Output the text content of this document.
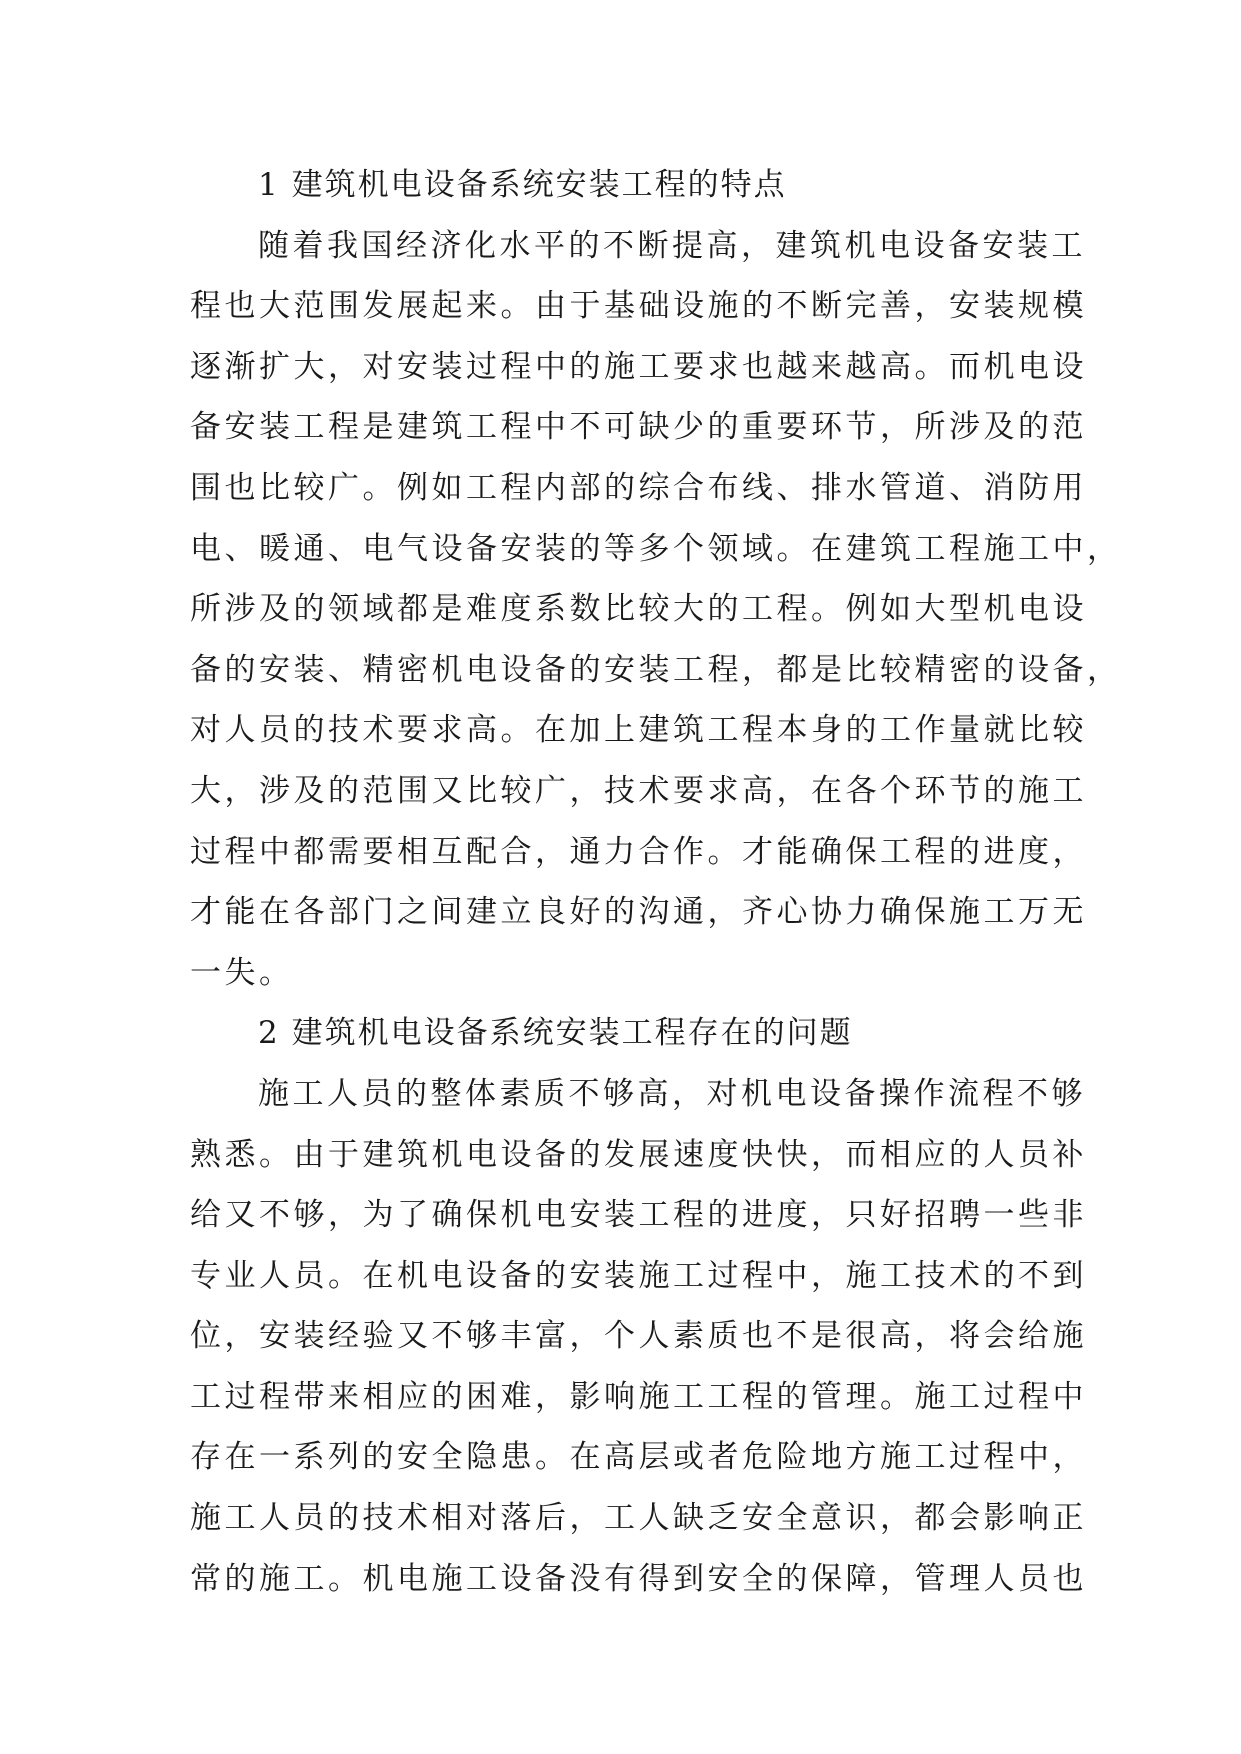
1 建筑机电设备系统安装工程的特点
随着我国经济化水平的不断提高，建筑机电设备安装工
程也大范围发展起来。由于基础设施的不断完善，安装规模
逐渐扩大，对安装过程中的施工要求也越来越高。而机电设
备安装工程是建筑工程中不可缺少的重要环节，所涉及的范
围也比较广。例如工程内部的综合布线、排水管道、消防用
电、暖通、电气设备安装的等多个领域。在建筑工程施工中，
所涉及的领域都是难度系数比较大的工程。例如大型机电设
备的安装、精密机电设备的安装工程，都是比较精密的设备，
对人员的技术要求高。在加上建筑工程本身的工作量就比较
大，涉及的范围又比较广，技术要求高，在各个环节的施工
过程中都需要相互配合，通力合作。才能确保工程的进度，
才能在各部门之间建立良好的沟通，齐心协力确保施工万无
一失。
2 建筑机电设备系统安装工程存在的问题
施工人员的整体素质不够高，对机电设备操作流程不够
熟悉。由于建筑机电设备的发展速度快快，而相应的人员补
给又不够，为了确保机电安装工程的进度，只好招聘一些非
专业人员。在机电设备的安装施工过程中，施工技术的不到
位，安装经验又不够丰富，个人素质也不是很高，将会给施
工过程带来相应的困难，影响施工工程的管理。施工过程中
存在一系列的安全隐患。在高层或者危险地方施工过程中，
施工人员的技术相对落后，工人缺乏安全意识，都会影响正
常的施工。机电施工设备没有得到安全的保障，管理人员也
